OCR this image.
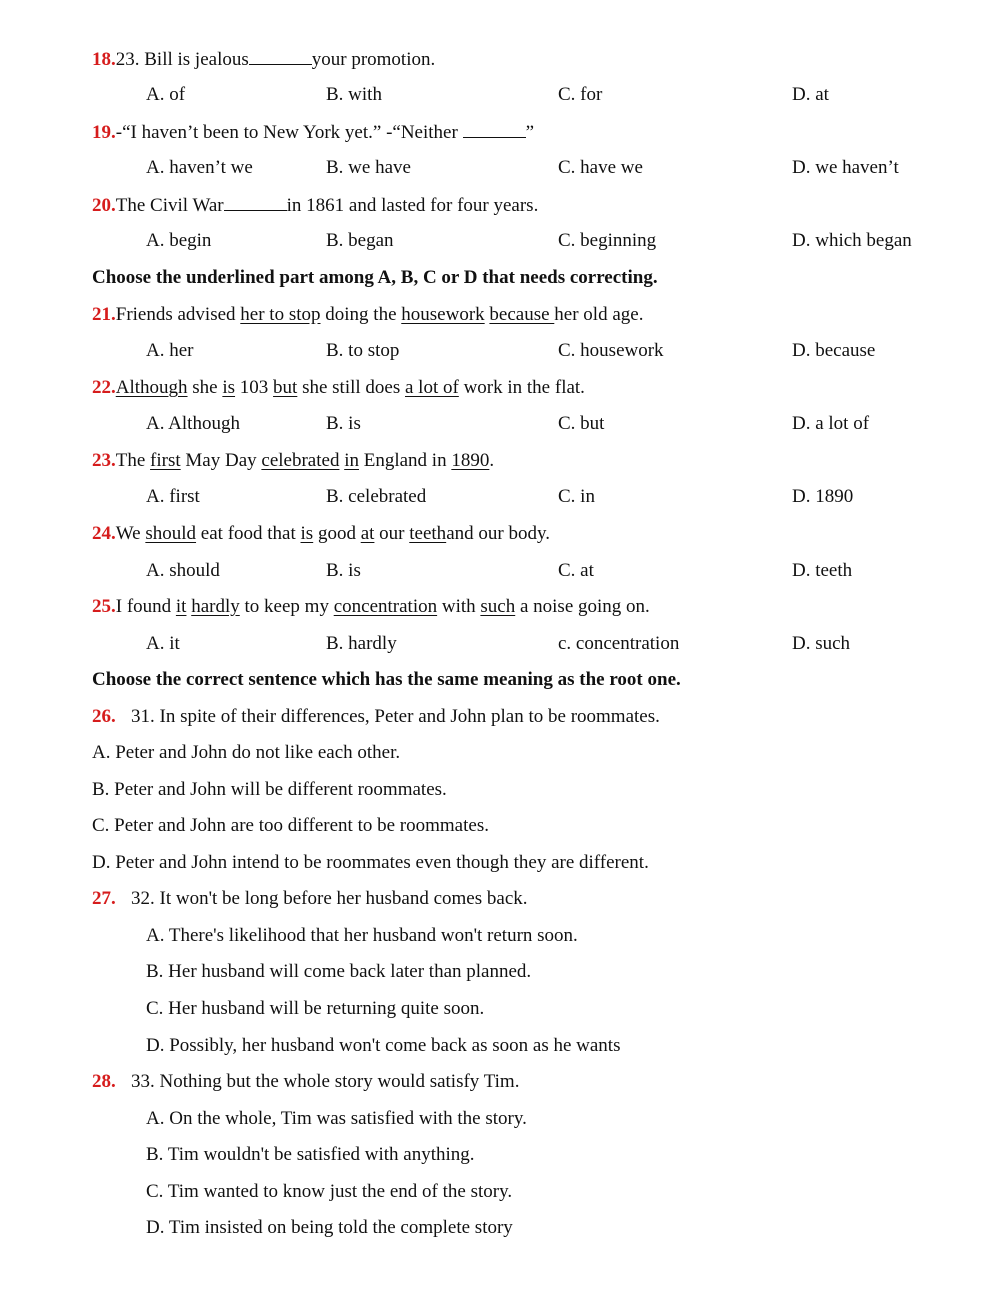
18.23. Bill is jealous	your promotion.
A. of	B. with	C. for	D. at
19.-“I haven’t been to New York yet.” -“Neither	”
A. haven’t we	B. we have	C. have we	D. we haven’t
20.The Civil War	in 1861 and lasted for four years.
A. begin	B. began	C. beginning	D. which began
Choose the underlined part among A, B, C or D that needs correcting.
21.Friends advised her to stop doing the housework because her old age.
A. her	B. to stop	C. housework	D. because
22.Although she is 103 but she still does a lot of work in the flat.
A. Although	B. is	C. but	D. a lot of
23.The first May Day celebrated in England in 1890.
A. first	B. celebrated	C. in	D. 1890
24.We should eat food that is good at our teethand our body.
A. should	B. is	C. at	D. teeth
25.I found it hardly to keep my concentration with such a noise going on.
A. it	B. hardly	c. concentration	D. such
Choose the correct sentence which has the same meaning as the root one.
26. 31. In spite of their differences, Peter and John plan to be roommates.
A. Peter and John do not like each other.
B. Peter and John will be different roommates.
C. Peter and John are too different to be roommates.
D. Peter and John intend to be roommates even though they are different.
27. 32. It won't be long before her husband comes back.
A. There's likelihood that her husband won't return soon.
B. Her husband will come back later than planned.
C. Her husband will be returning quite soon.
D. Possibly, her husband won't come back as soon as he wants
28. 33. Nothing but the whole story would satisfy Tim.
A. On the whole, Tim was satisfied with the story.
B. Tim wouldn't be satisfied with anything.
C. Tim wanted to know just the end of the story.
D. Tim insisted on being told the complete story
